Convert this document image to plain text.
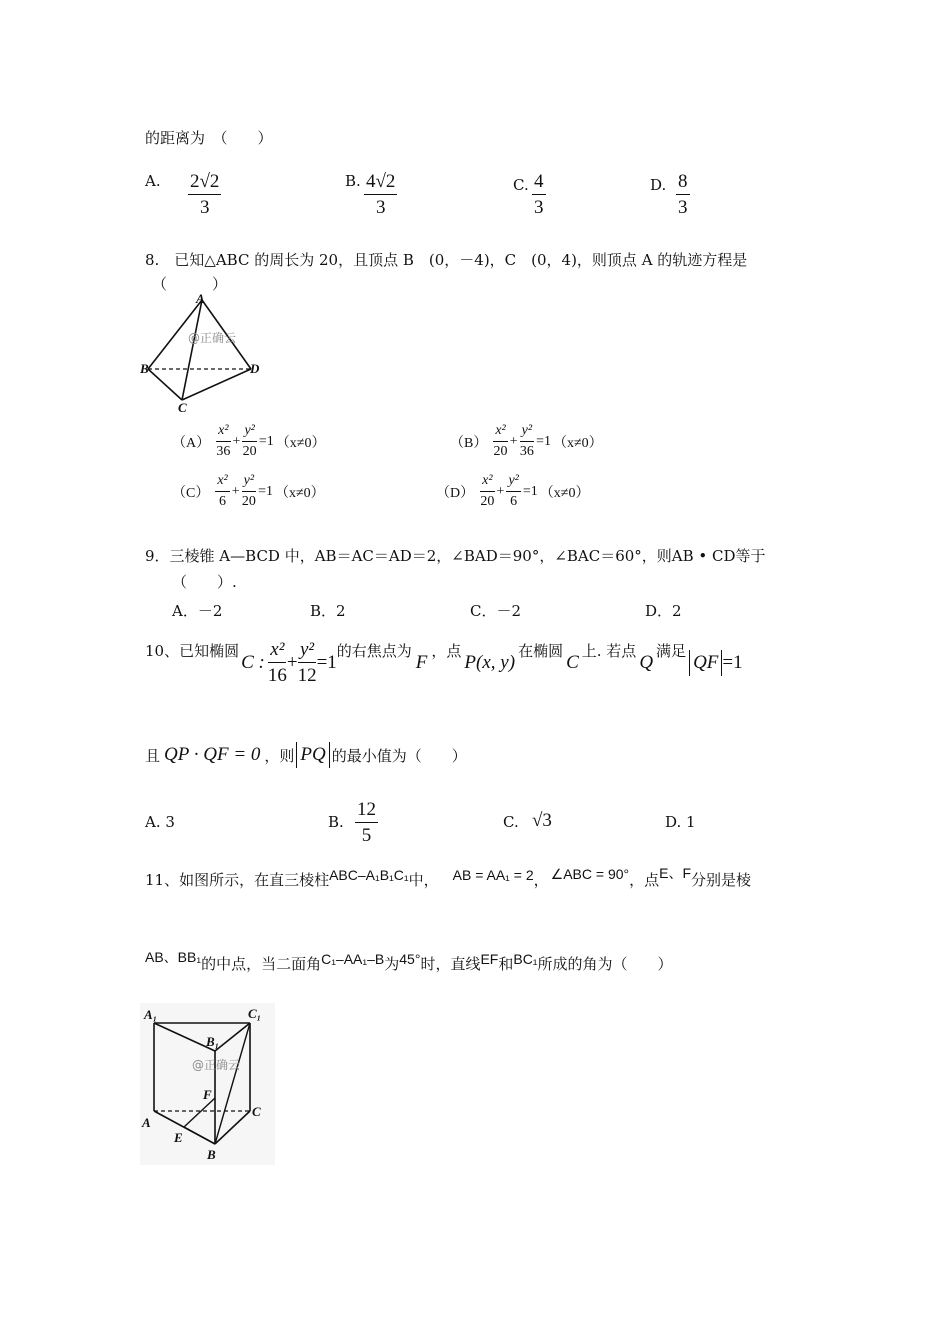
的距离为　（　　）
A. $\frac{2√2}{3}$	B. $\frac{4√2}{3}$	C. $\frac{4}{3}$	D. $\frac{8}{3}$
8.　已知△ABC 的周长为 20，且顶点 B　(0，－4)，C　(0，4)，则顶点 A 的轨迹方程是
（　　　）
A
B
C
D
@正确云
$(A) \frac{\text{x²}}{36} + \frac{\text{y²}}{20} =1$ （x≠0）	$(B) \frac{\text{x²}}{20} + \frac{\text{y²}}{36} =1$ （x≠0）
$(C) \frac{\text{x²}}{6} + \frac{\text{y²}}{20} =1$ （x≠0）	$(D) \frac{\text{x²}}{20} + \frac{\text{y²}}{6} =1$ （x≠0）
9．三棱锥 A—BCD 中，AB＝AC＝AD＝2，∠BAD＝90°，∠BAC＝60°，则AB • CD等于
（　　）.
A．－2	B．2	C．－2	D．2
10、已知椭圆
C : $\frac{\text{x²}}{16} + \frac{\text{y²}}{12} =1$
的右焦点为
F
，点
P(x, y)
在椭圆
C
上. 若点
Q
满足
QF =1
且 QP · QF = 0 ，则 PQ 的最小值为（　　）
A. 3	B. $\frac{12}{5}$	C. √3	D. 1
11、如图所示，在直三棱柱 ABC–A₁B₁C₁ 中， AB = AA₁ = 2 ， ∠ABC = 90° ，点 E、F 分别是棱
AB、BB₁ 的中点，当二面角 C₁–AA₁–B 为 45° 时，直线 EF 和 BC₁ 所成的角为（　　）
A₁	C₁
B₁
F
A
C
E
B
@正确云
